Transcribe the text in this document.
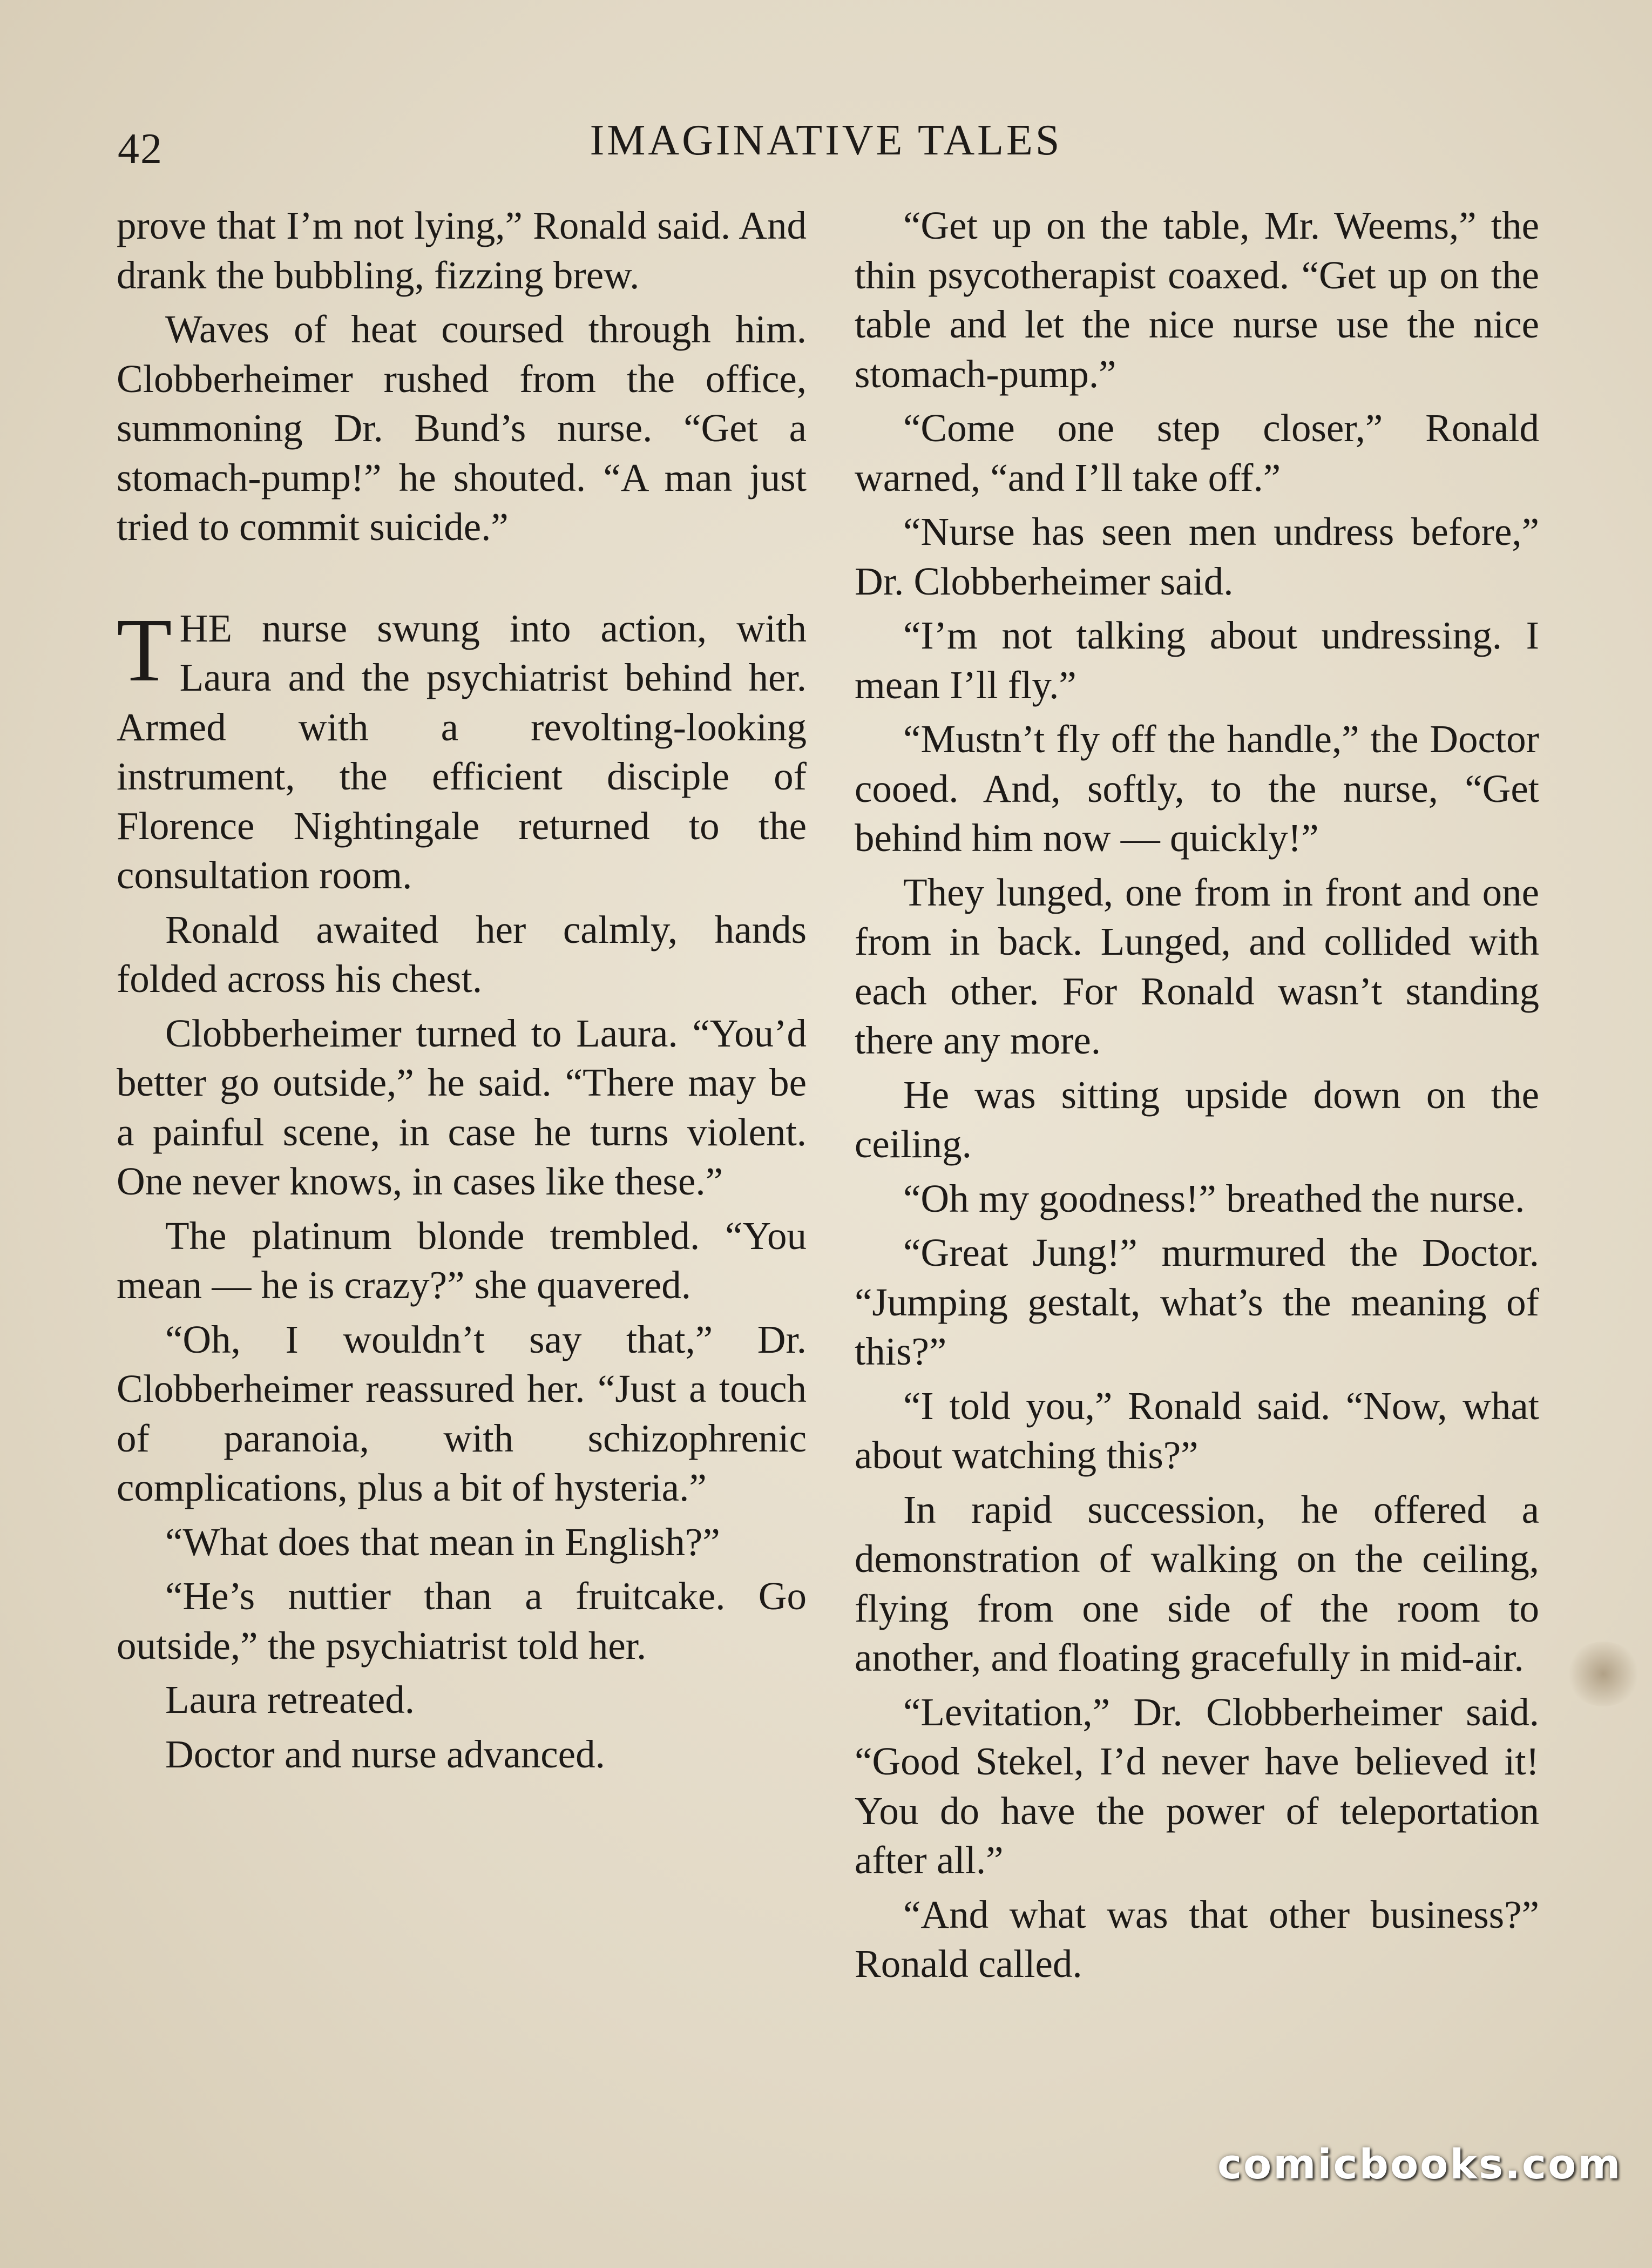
42	IMAGINATIVE TALES

prove that I’m not lying,” Ronald said. And drank the bubbling, fizzing brew.

Waves of heat coursed through him. Clobberheimer rushed from the office, summoning Dr. Bund’s nurse. “Get a stomach-pump!” he shouted. “A man just tried to commit suicide.”

THE nurse swung into action, with Laura and the psychiatrist behind her. Armed with a revolting-looking instrument, the efficient disciple of Florence Nightingale returned to the consultation room.

Ronald awaited her calmly, hands folded across his chest.

Clobberheimer turned to Laura. “You’d better go outside,” he said. “There may be a painful scene, in case he turns violent. One never knows, in cases like these.”

The platinum blonde trembled. “You mean — he is crazy?” she quavered.

“Oh, I wouldn’t say that,” Dr. Clobberheimer reassured her. “Just a touch of paranoia, with schizophrenic complications, plus a bit of hysteria.”

“What does that mean in English?”

“He’s nuttier than a fruitcake. Go outside,” the psychiatrist told her.

Laura retreated.

Doctor and nurse advanced.

“Get up on the table, Mr. Weems,” the thin psycotherapist coaxed. “Get up on the table and let the nice nurse use the nice stomach-pump.”

“Come one step closer,” Ronald warned, “and I’ll take off.”

“Nurse has seen men undress before,” Dr. Clobberheimer said.

“I’m not talking about undressing. I mean I’ll fly.”

“Mustn’t fly off the handle,” the Doctor cooed. And, softly, to the nurse, “Get behind him now — quickly!”

They lunged, one from in front and one from in back. Lunged, and collided with each other. For Ronald wasn’t standing there any more.

He was sitting upside down on the ceiling.

“Oh my goodness!” breathed the nurse.

“Great Jung!” murmured the Doctor. “Jumping gestalt, what’s the meaning of this?”

“I told you,” Ronald said. “Now, what about watching this?”

In rapid succession, he offered a demonstration of walking on the ceiling, flying from one side of the room to another, and floating gracefully in mid-air.

“Levitation,” Dr. Clobberheimer said. “Good Stekel, I’d never have believed it! You do have the power of teleportation after all.”

“And what was that other business?” Ronald called.

comicbooks.com
